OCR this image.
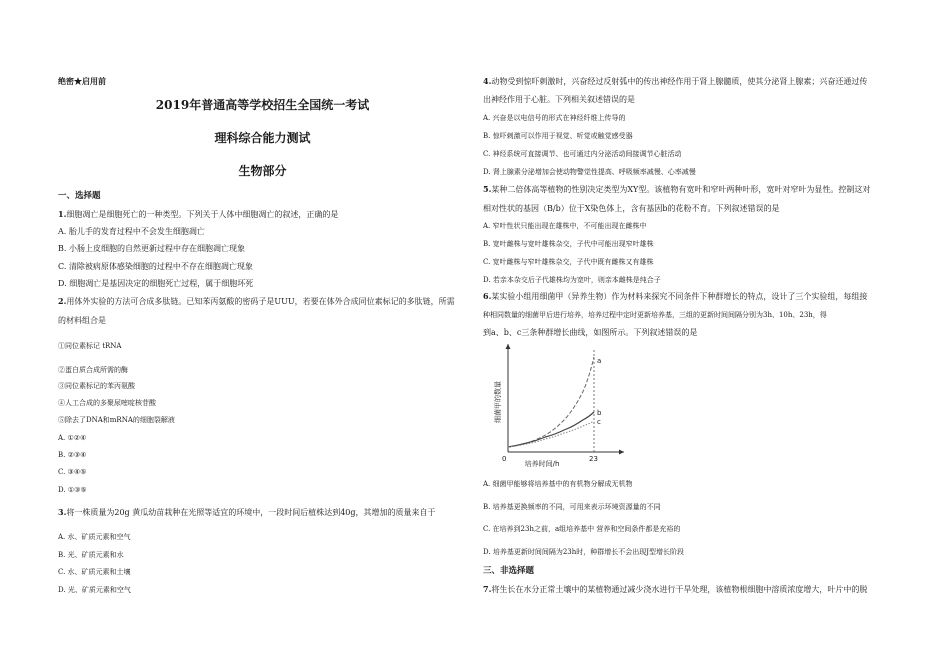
绝密★启用前
2019年普通高等学校招生全国统一考试
理科综合能力测试
生物部分
一、选择题
1.细胞凋亡是细胞死亡的一种类型。下列关于人体中细胞凋亡的叙述，正确的是
A. 胎儿手的发育过程中不会发生细胞凋亡
B. 小肠上皮细胞的自然更新过程中存在细胞凋亡现象
C. 清除被病原体感染细胞的过程中不存在细胞凋亡现象
D. 细胞凋亡是基因决定的细胞死亡过程，属于细胞坏死
2.用体外实验的方法可合成多肽链。已知苯丙氨酸的密码子是UUU，若要在体外合成同位素标记的多肽链，所需
的材料组合是
①同位素标记 tRNA
②蛋白质合成所需的酶
③同位素标记的苯丙氨酸
④人工合成的多聚尿嘧啶核苷酸
⑤除去了DNA和mRNA的细胞裂解液
A. ①②④
B. ②③④
C. ③④⑤
D. ①③⑤
3.将一株质量为20g 黄瓜幼苗栽种在光照等适宜的环境中，一段时间后植株达到40g，其增加的质量来自于
A. 水、矿质元素和空气
B. 光、矿质元素和水
C. 水、矿质元素和土壤
D. 光、矿质元素和空气
4.动物受到惊吓刺激时，兴奋经过反射弧中的传出神经作用于肾上腺髓质，使其分泌肾上腺素；兴奋还通过传
出神经作用于心脏。下列相关叙述错误的是
A. 兴奋是以电信号的形式在神经纤维上传导的
B. 惊吓刺激可以作用于视觉、听觉或触觉感受器
C. 神经系统可直接调节、也可通过内分泌活动间接调节心脏活动
D. 肾上腺素分泌增加会使动物警觉性提高、呼吸频率减慢、心率减慢
5.某种二倍体高等植物的性别决定类型为XY型。该植物有宽叶和窄叶两种叶形，宽叶对窄叶为显性。控制这对
相对性状的基因（B/b）位于X染色体上，含有基因b的花粉不育。下列叙述错误的是
A. 窄叶性状只能出现在雄株中，不可能出现在雌株中
B. 宽叶雌株与宽叶雄株杂交，子代中可能出现窄叶雄株
C. 宽叶雌株与窄叶雄株杂交，子代中既有雌株又有雄株
D. 若亲本杂交后子代雄株均为宽叶，则亲本雌株是纯合子
6.某实验小组用细菌甲（异养生物）作为材料来探究不同条件下种群增长的特点，设计了三个实验组，每组接
种相同数量的细菌甲后进行培养，培养过程中定时更新培养基，三组的更新时间间隔分别为3h、10h、23h，得
到a、b、c三条种群增长曲线，如图所示。下列叙述错误的是
a
b
c
0	23
培养时间/h
细菌甲的数量
A. 细菌甲能够将培养基中的有机物分解成无机物
B. 培养基更换频率的不同，可用来表示环境资源量的不同
C. 在培养到23h之前，a组培养基中 营养和空间条件都是充裕的
D. 培养基更新时间间隔为23h时，种群增长不会出现J型增长阶段
三、非选择题
7.将生长在水分正常土壤中的某植物通过减少浇水进行干旱处理，该植物根细胞中溶质浓度增大，叶片中的脱
